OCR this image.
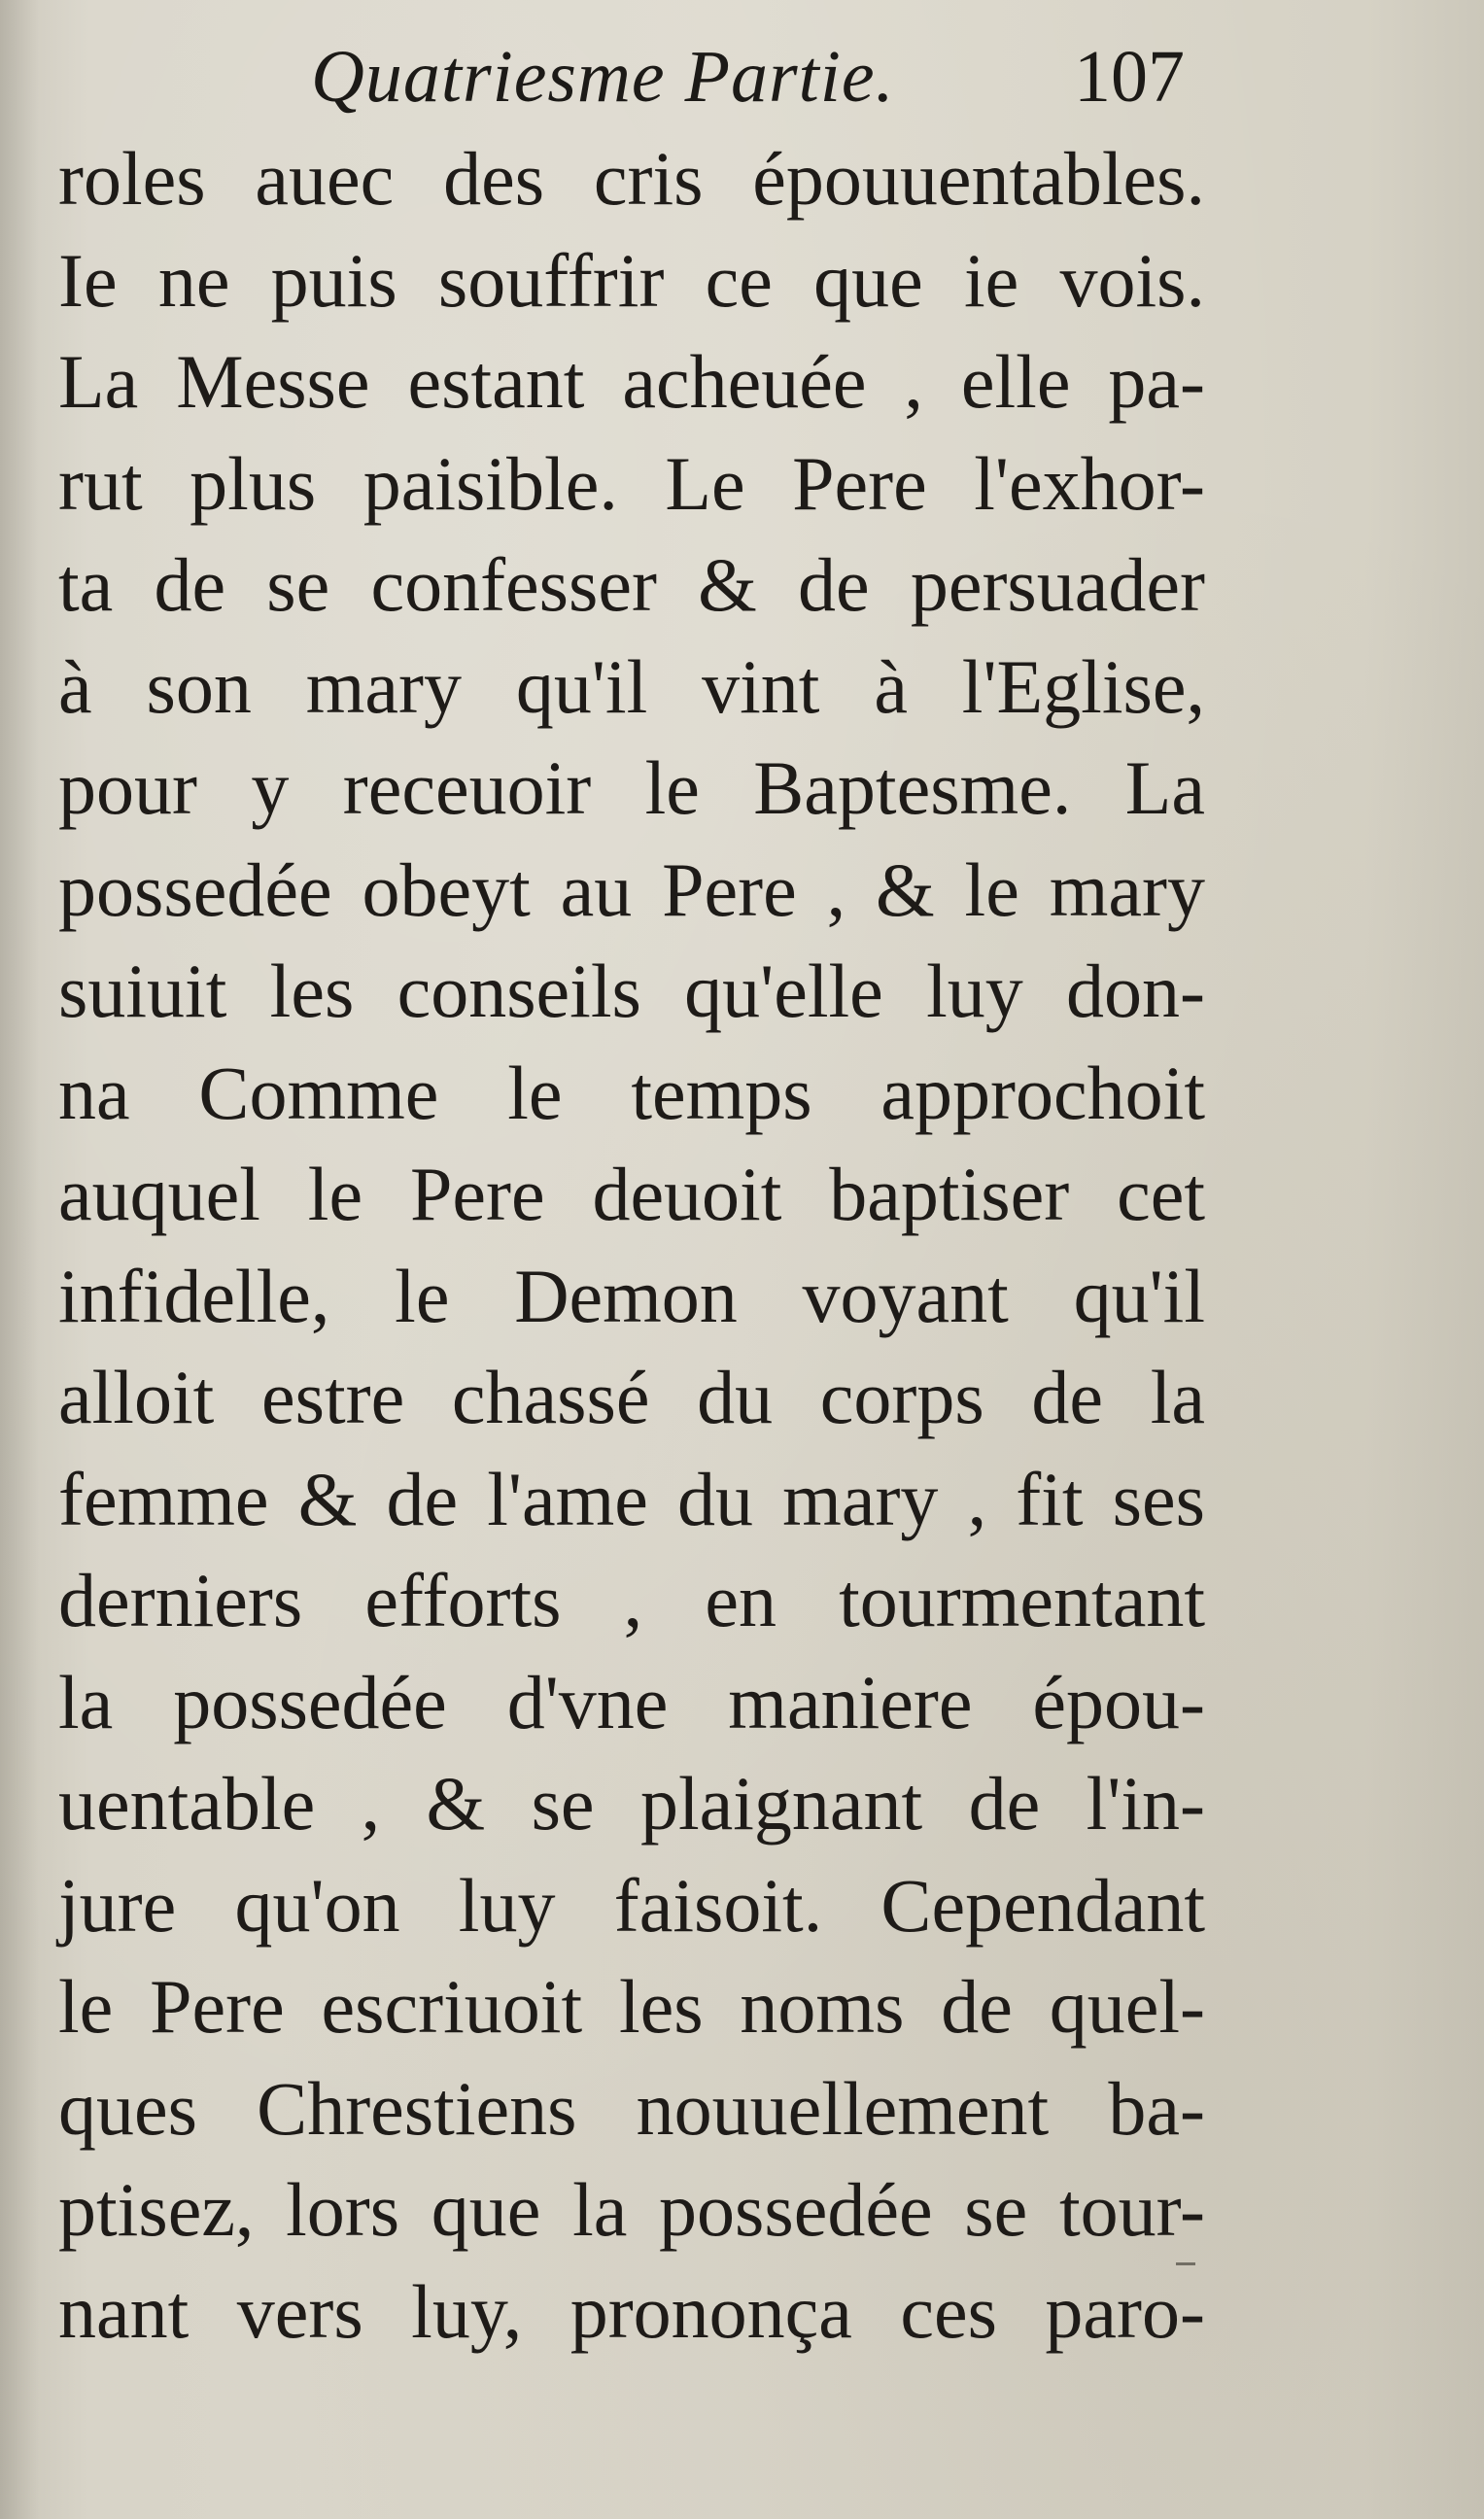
Quatriesme Partie. 107
roles auec des cris épouuentables.
Ie ne puis souffrir ce que ie vois.
La Messe estant acheuée , elle pa-
rut plus paisible. Le Pere l'exhor-
ta de se confesser & de persuader
à son mary qu'il vint à l'Eglise,
pour y receuoir le Baptesme. La
possedée obeyt au Pere , & le mary
suiuit les conseils qu'elle luy don-
na Comme le temps approchoit
auquel le Pere deuoit baptiser cet
infidelle, le Demon voyant qu'il
alloit estre chassé du corps de la
femme & de l'ame du mary , fit ses
derniers efforts , en tourmentant
la possedée d'vne maniere épou-
uentable , & se plaignant de l'in-
jure qu'on luy faisoit. Cependant
le Pere escriuoit les noms de quel-
ques Chrestiens nouuellement ba-
ptisez, lors que la possedée se tour-
nant vers luy, prononça ces paro-
